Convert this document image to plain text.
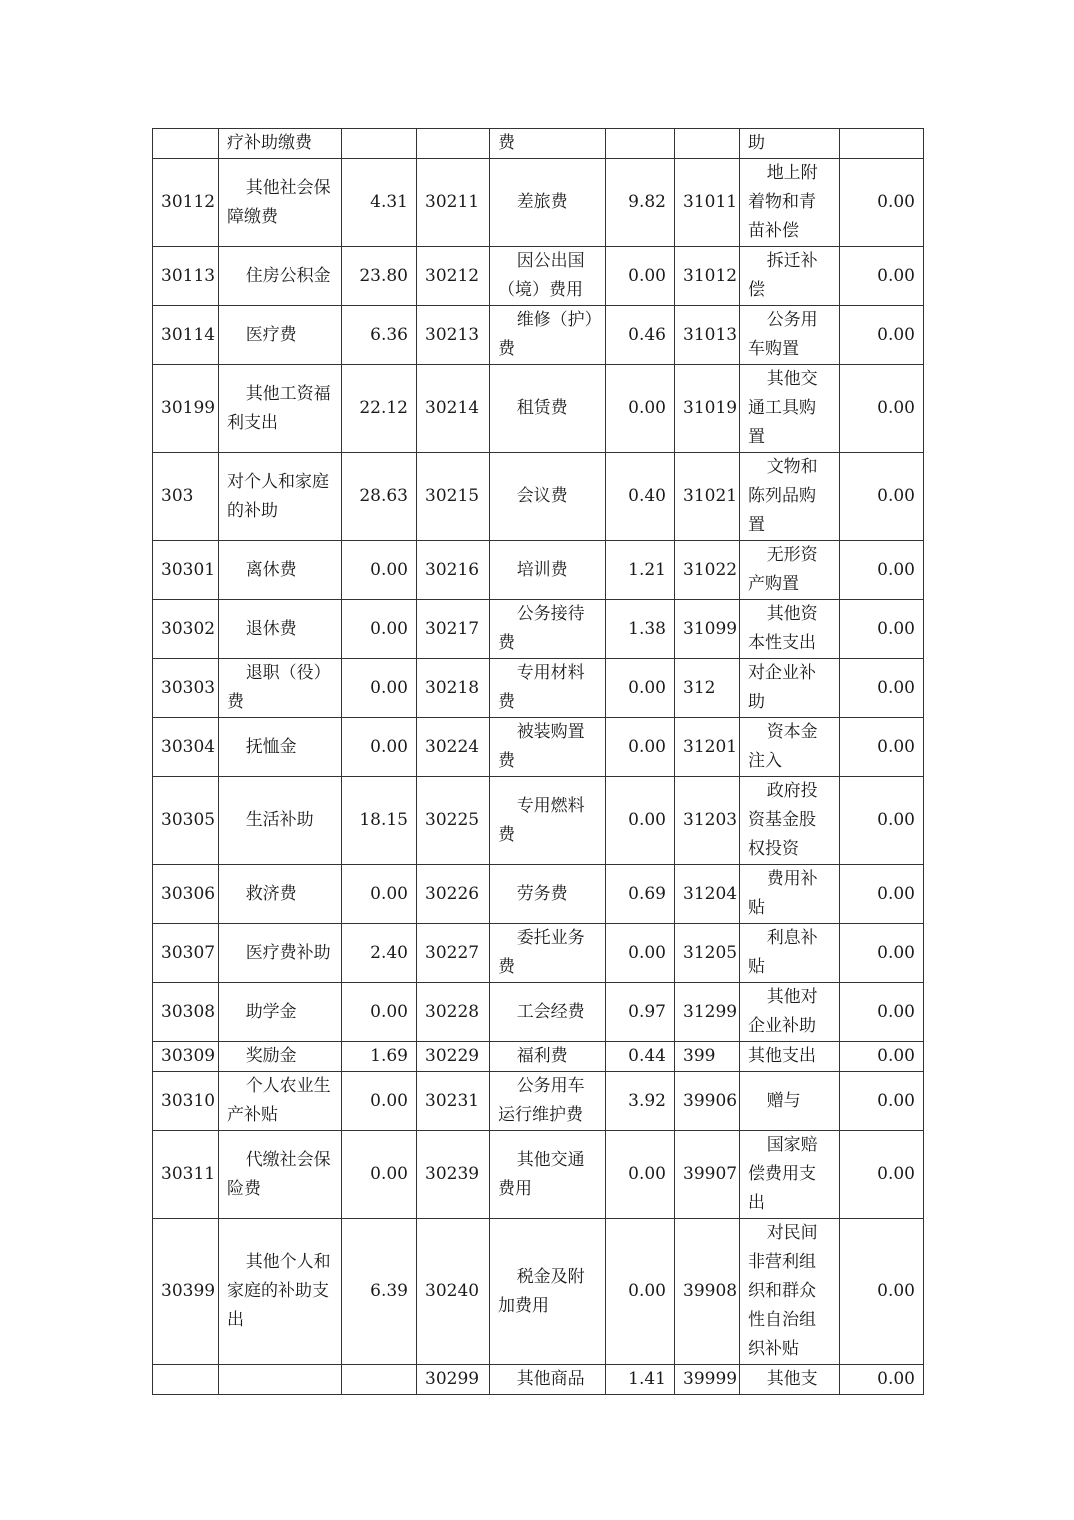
	疗补助缴费			费			助	
30112	其他社会保障缴费	4.31	30211	差旅费	9.82	31011	地上附着物和青苗补偿	0.00
30113	住房公积金	23.80	30212	因公出国（境）费用	0.00	31012	拆迁补偿	0.00
30114	医疗费	6.36	30213	维修（护）费	0.46	31013	公务用车购置	0.00
30199	其他工资福利支出	22.12	30214	租赁费	0.00	31019	其他交通工具购置	0.00
303	对个人和家庭的补助	28.63	30215	会议费	0.40	31021	文物和陈列品购置	0.00
30301	离休费	0.00	30216	培训费	1.21	31022	无形资产购置	0.00
30302	退休费	0.00	30217	公务接待费	1.38	31099	其他资本性支出	0.00
30303	退职（役）费	0.00	30218	专用材料费	0.00	312	对企业补助	0.00
30304	抚恤金	0.00	30224	被装购置费	0.00	31201	资本金注入	0.00
30305	生活补助	18.15	30225	专用燃料费	0.00	31203	政府投资基金股权投资	0.00
30306	救济费	0.00	30226	劳务费	0.69	31204	费用补贴	0.00
30307	医疗费补助	2.40	30227	委托业务费	0.00	31205	利息补贴	0.00
30308	助学金	0.00	30228	工会经费	0.97	31299	其他对企业补助	0.00
30309	奖励金	1.69	30229	福利费	0.44	399	其他支出	0.00
30310	个人农业生产补贴	0.00	30231	公务用车运行维护费	3.92	39906	赠与	0.00
30311	代缴社会保险费	0.00	30239	其他交通费用	0.00	39907	国家赔偿费用支出	0.00
30399	其他个人和家庭的补助支出	6.39	30240	税金及附加费用	0.00	39908	对民间非营利组织和群众性自治组织补贴	0.00
			30299	其他商品	1.41	39999	其他支	0.00
